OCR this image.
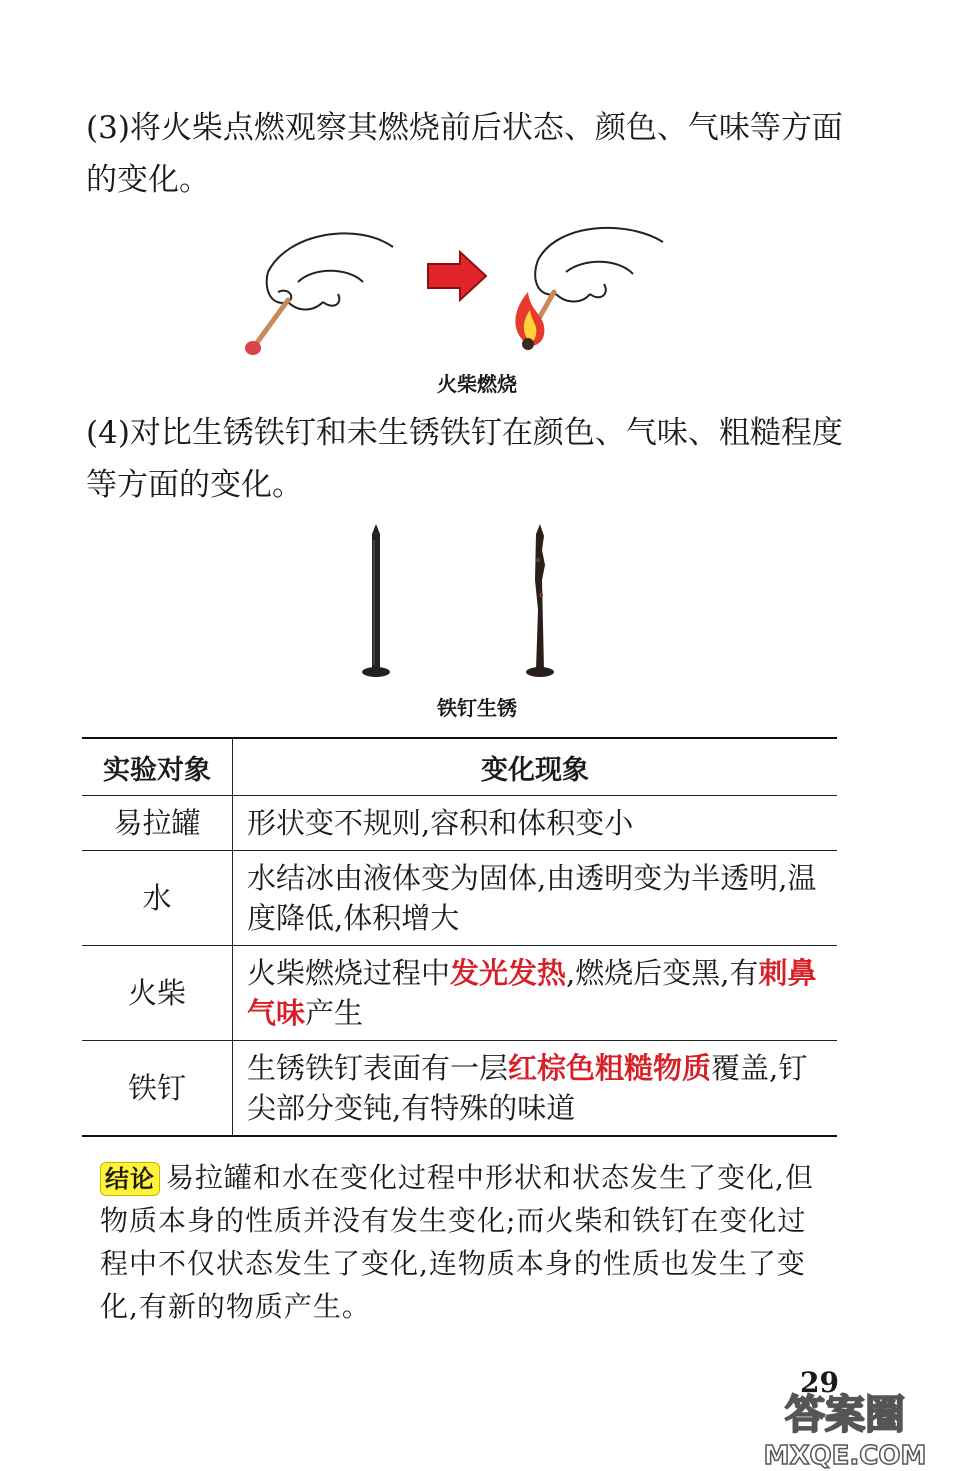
(3)将火柴点燃观察其燃烧前后状态、颜色、气味等方面的变化。
火柴燃烧
(4)对比生锈铁钉和未生锈铁钉在颜色、气味、粗糙程度等方面的变化。
铁钉生锈
实验对象	变化现象
易拉罐	形状变不规则,容积和体积变小
水	水结冰由液体变为固体,由透明变为半透明,温度降低,体积增大
火柴	火柴燃烧过程中发光发热,燃烧后变黑,有刺鼻气味产生
铁钉	生锈铁钉表面有一层红棕色粗糙物质覆盖,钉尖部分变钝,有特殊的味道
结论 易拉罐和水在变化过程中形状和状态发生了变化,但物质本身的性质并没有发生变化;而火柴和铁钉在变化过程中不仅状态发生了变化,连物质本身的性质也发生了变化,有新的物质产生。
29
答案圈
MXQE.COM
